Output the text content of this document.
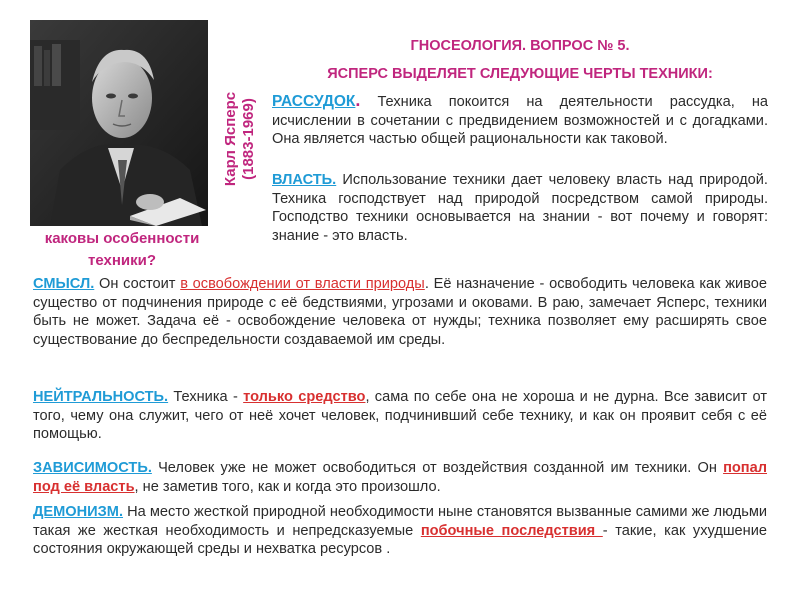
Карл Ясперс (1883-1969)
каковы особенности техники?
ГНОСЕОЛОГИЯ. ВОПРОС № 5.
ЯСПЕРС ВЫДЕЛЯЕТ СЛЕДУЮЩИЕ ЧЕРТЫ ТЕХНИКИ:
РАССУДОК. Техника покоится на деятельности рассудка, на исчислении в сочетании с предвидением возможностей и с догадками. Она является частью общей рациональности как таковой.
ВЛАСТЬ. Использование техники дает человеку власть над природой. Техника господствует над природой посредством самой природы. Господство техники основывается на знании - вот почему и говорят: знание - это власть.
СМЫСЛ. Он состоит в освобождении от власти природы. Её назначение - освободить человека как живое существо от подчинения природе с её бедствиями, угрозами и оковами. В раю, замечает Ясперс, техники быть не может. Задача её - освобождение человека от нужды; техника позволяет ему расширять свое существование до беспредельности создаваемой им среды.
НЕЙТРАЛЬНОСТЬ. Техника - только средство, сама по себе она не хороша и не дурна. Все зависит от того, чему она служит, чего от неё хочет человек, подчинивший себе технику, и как он проявит себя с её помощью.
ЗАВИСИМОСТЬ. Человек уже не может освободиться от воздействия созданной им техники. Он попал под её власть, не заметив того, как и когда это произошло.
ДЕМОНИЗМ. На место жесткой природной необходимости ныне становятся вызванные самими же людьми такая же жесткая необходимость и непредсказуемые побочные последствия - такие, как ухудшение состояния окружающей среды и нехватка ресурсов .
